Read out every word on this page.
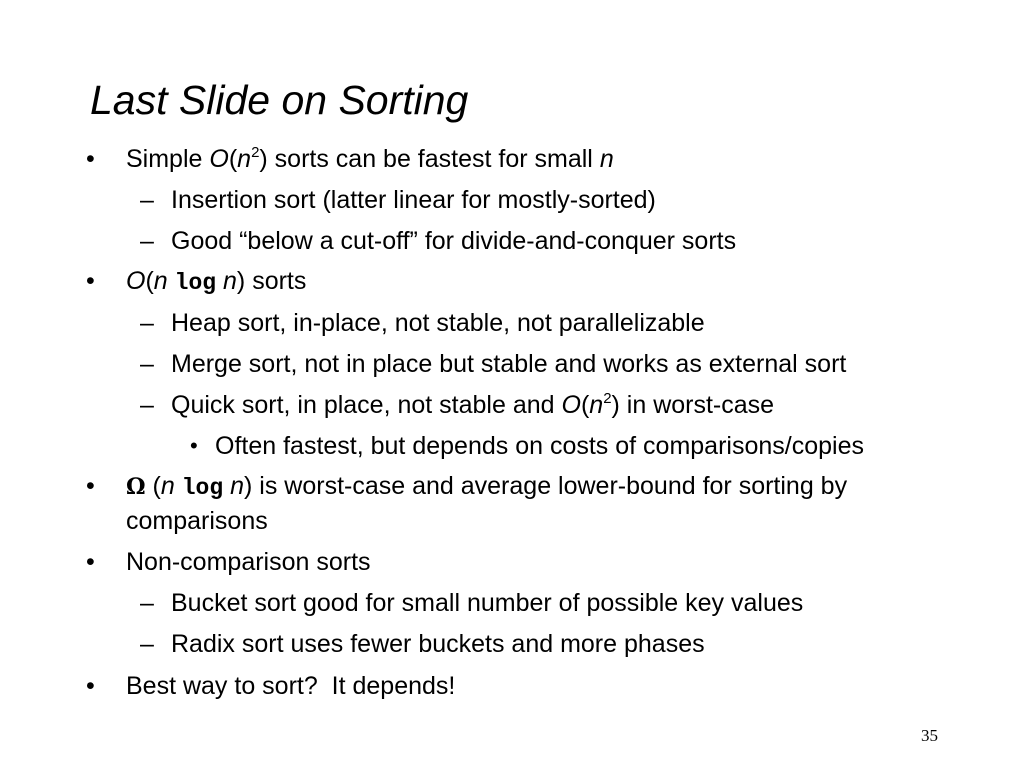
Last Slide on Sorting
• Simple $O(n^2)$ sorts can be fastest for small n
– Insertion sort (latter linear for mostly-sorted)
– Good “below a cut-off” for divide-and-conquer sorts
• O(n log n) sorts
– Heap sort, in-place, not stable, not parallelizable
– Merge sort, not in place but stable and works as external sort
– Quick sort, in place, not stable and $O(n^2)$ in worst-case
• Often fastest, but depends on costs of comparisons/copies
• Ω (n log n) is worst-case and average lower-bound for sorting by
comparisons
• Non-comparison sorts
– Bucket sort good for small number of possible key values
– Radix sort uses fewer buckets and more phases
• Best way to sort?  It depends!
35
